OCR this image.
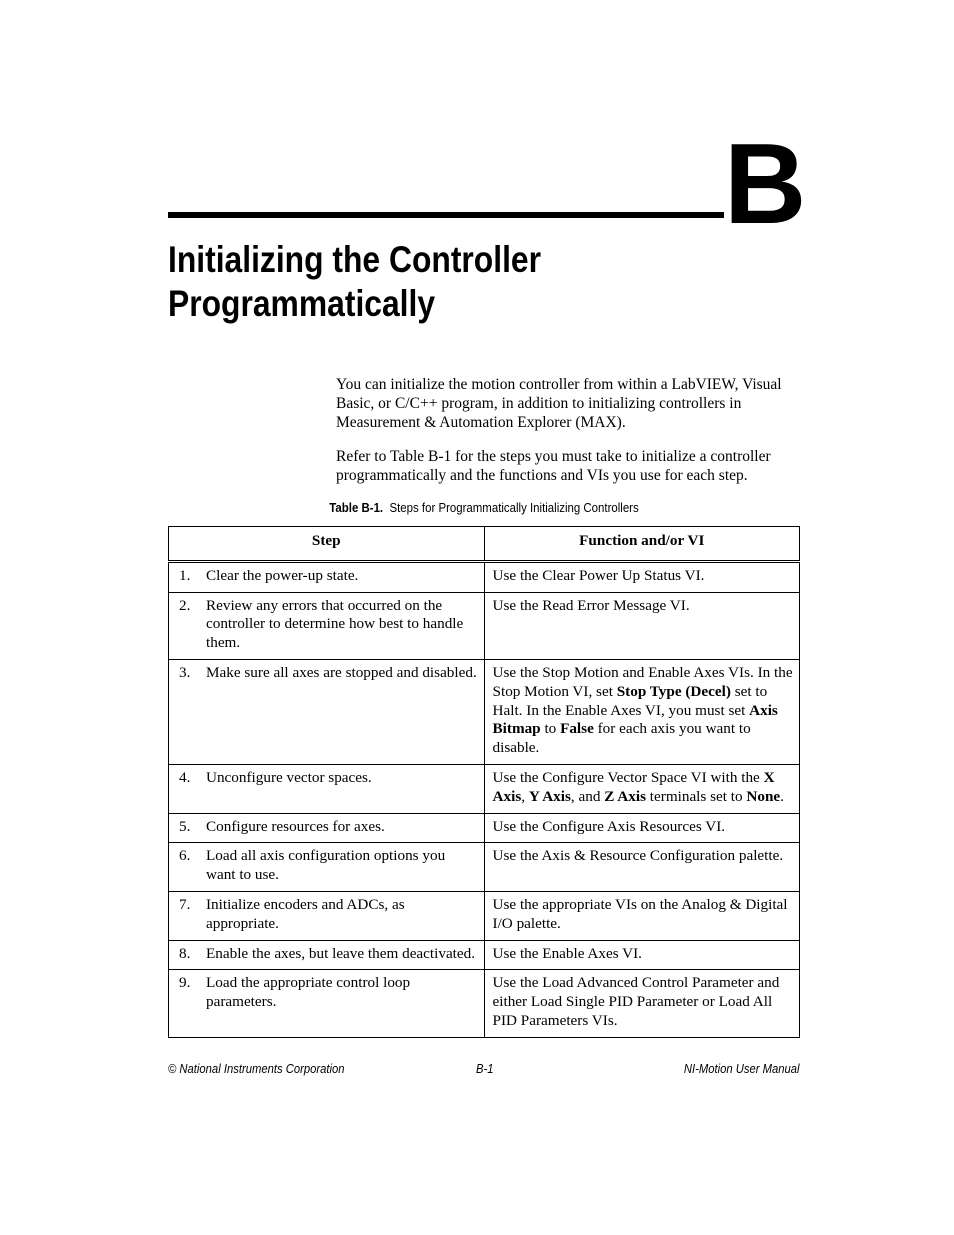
B
Initializing the Controller
Programmatically

You can initialize the motion controller from within a LabVIEW, Visual Basic, or C/C++ program, in addition to initializing controllers in Measurement & Automation Explorer (MAX).

Refer to Table B-1 for the steps you must take to initialize a controller programmatically and the functions and VIs you use for each step.

Table B-1. Steps for Programmatically Initializing Controllers
Step	Function and/or VI

1. Clear the power-up state.	Use the Clear Power Up Status VI.

2. Review any errors that occurred on the controller to determine how best to handle them.	Use the Read Error Message VI.

3. Make sure all axes are stopped and disabled.	Use the Stop Motion and Enable Axes VIs. In the Stop Motion VI, set Stop Type (Decel) set to Halt. In the Enable Axes VI, you must set Axis Bitmap to False for each axis you want to disable.

4. Unconfigure vector spaces.	Use the Configure Vector Space VI with the X Axis, Y Axis, and Z Axis terminals set to None.

5. Configure resources for axes.	Use the Configure Axis Resources VI.

6. Load all axis configuration options you want to use.	Use the Axis & Resource Configuration palette.

7. Initialize encoders and ADCs, as appropriate.	Use the appropriate VIs on the Analog & Digital I/O palette.

8. Enable the axes, but leave them deactivated.	Use the Enable Axes VI.

9. Load the appropriate control loop parameters.	Use the Load Advanced Control Parameter and either Load Single PID Parameter or Load All PID Parameters VIs.
© National Instruments Corporation	B-1	NI-Motion User Manual
